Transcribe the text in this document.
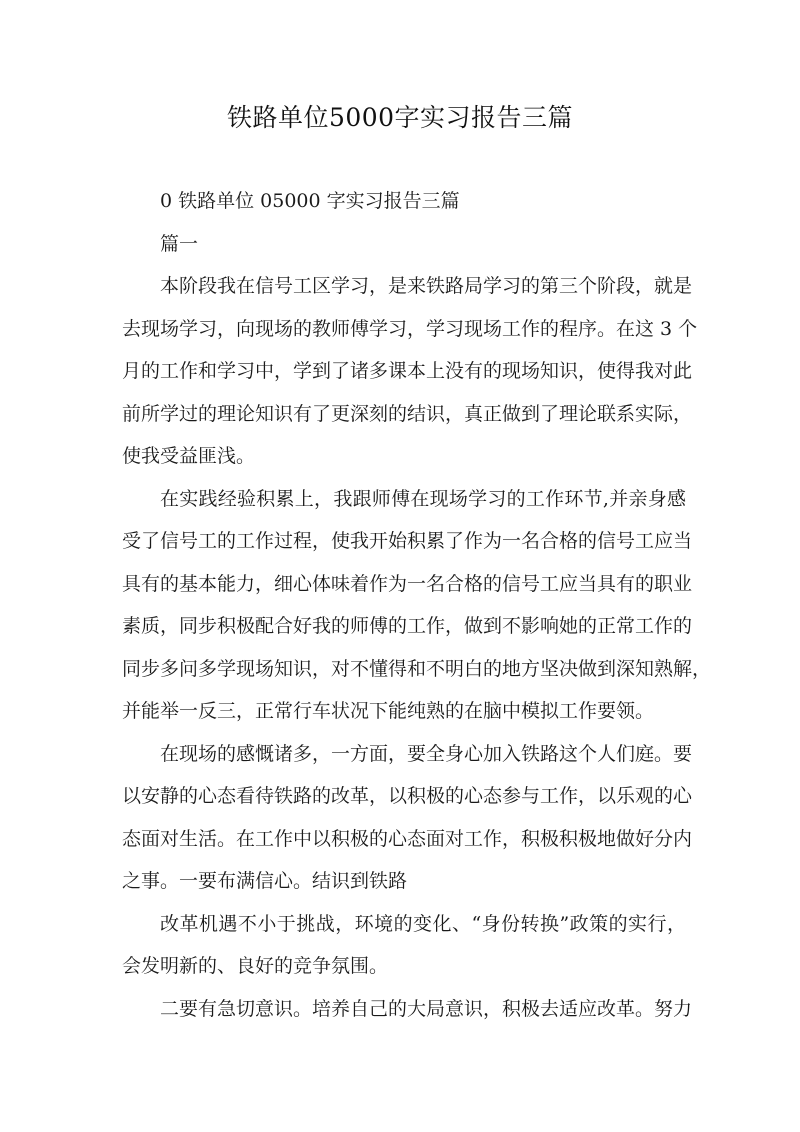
铁路单位5000字实习报告三篇

0 铁路单位 05000 字实习报告三篇

篇一

本阶段我在信号工区学习，是来铁路局学习的第三个阶段，就是

去现场学习，向现场的教师傅学习，学习现场工作的程序。在这 3 个

月的工作和学习中，学到了诸多课本上没有的现场知识，使得我对此

前所学过的理论知识有了更深刻的结识，真正做到了理论联系实际，

使我受益匪浅。

在实践经验积累上，我跟师傅在现场学习的工作环节,并亲身感

受了信号工的工作过程，使我开始积累了作为一名合格的信号工应当

具有的基本能力，细心体味着作为一名合格的信号工应当具有的职业

素质，同步积极配合好我的师傅的工作，做到不影响她的正常工作的

同步多问多学现场知识，对不懂得和不明白的地方坚决做到深知熟解，

并能举一反三，正常行车状况下能纯熟的在脑中模拟工作要领。

在现场的感慨诸多，一方面，要全身心加入铁路这个人们庭。要

以安静的心态看待铁路的改革，以积极的心态参与工作，以乐观的心

态面对生活。在工作中以积极的心态面对工作，积极积极地做好分内

之事。一要布满信心。结识到铁路

改革机遇不小于挑战，环境的变化、“身份转换”政策的实行，

会发明新的、良好的竞争氛围。

二要有急切意识。培养自己的大局意识，积极去适应改革。努力
